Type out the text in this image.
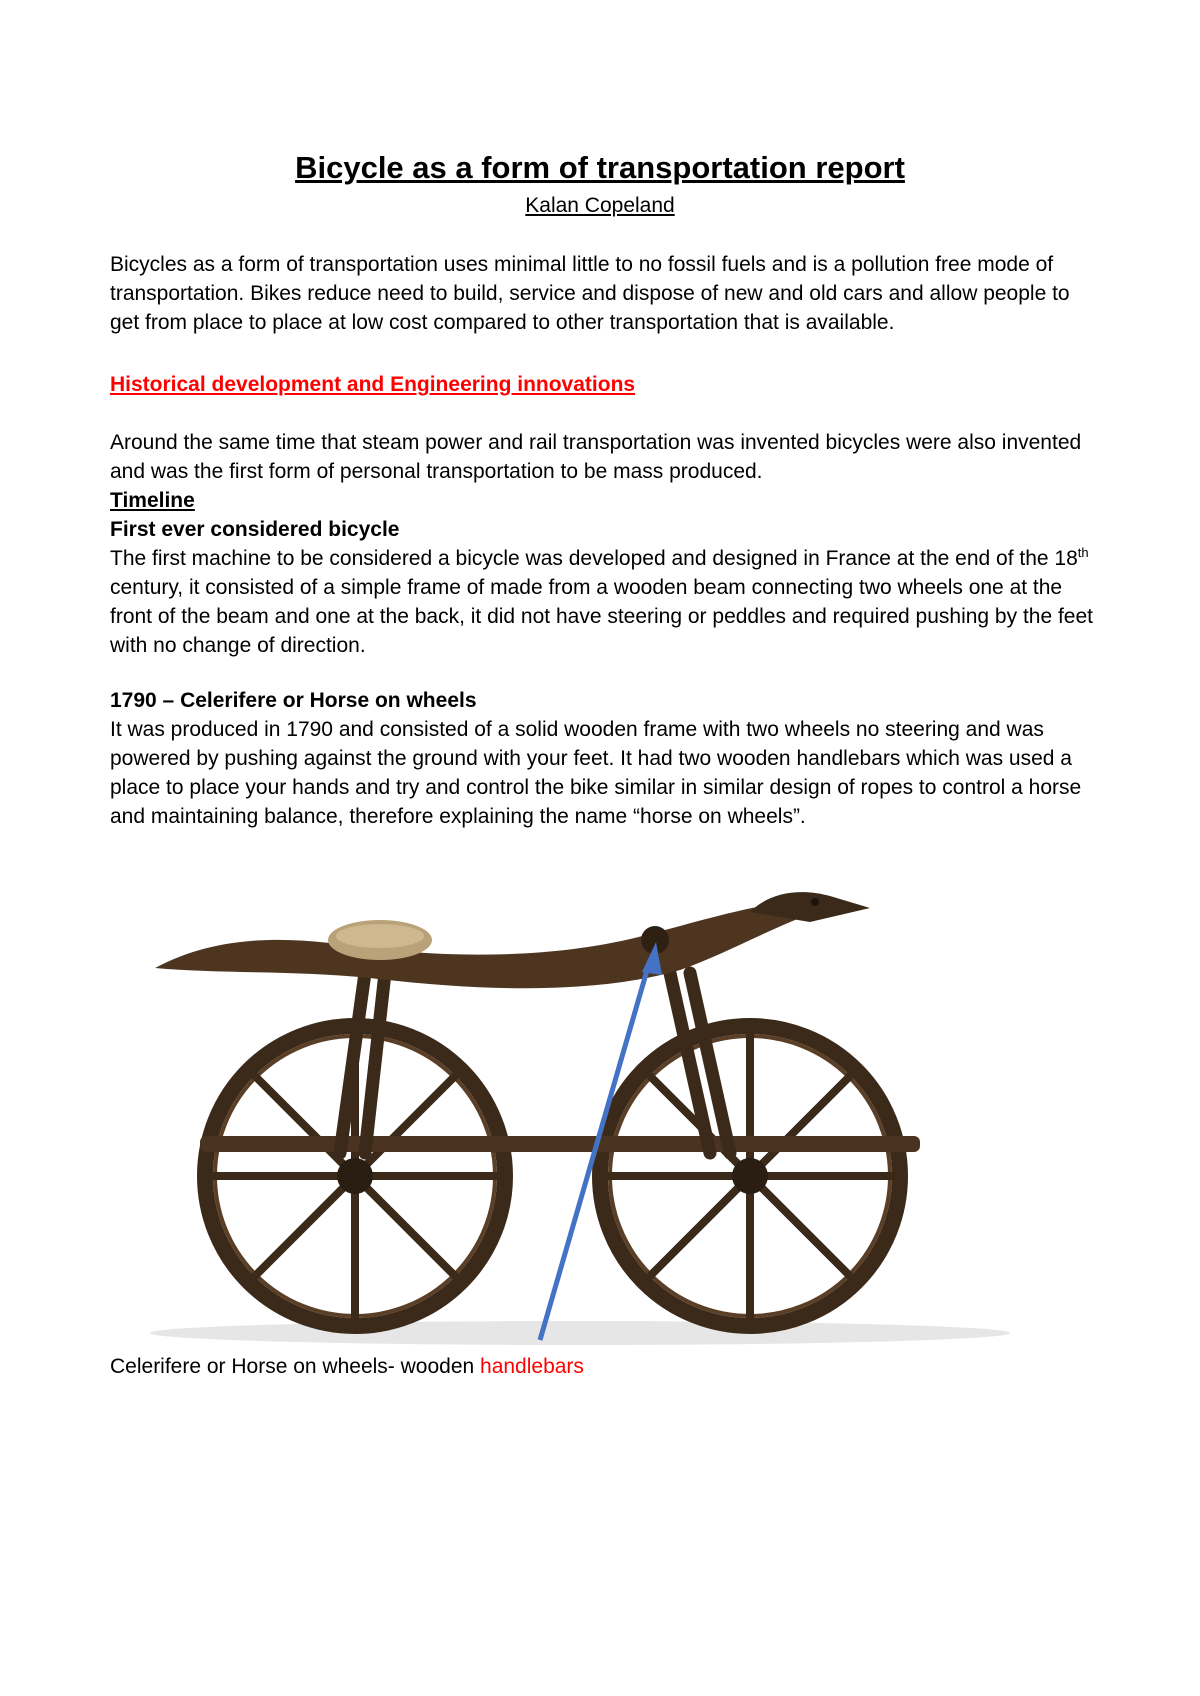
Bicycle as a form of transportation report
Kalan Copeland
Bicycles as a form of transportation uses minimal little to no fossil fuels and is a pollution free mode of transportation. Bikes reduce need to build, service and dispose of new and old cars and allow people to get from place to place at low cost compared to other transportation that is available.
Historical development and Engineering innovations
Around the same time that steam power and rail transportation was invented bicycles were also invented and was the first form of personal transportation to be mass produced.
Timeline
First ever considered bicycle
The first machine to be considered a bicycle was developed and designed in France at the end of the 18th century, it consisted of a simple frame of made from a wooden beam connecting two wheels one at the front of the beam and one at the back, it did not have steering or peddles and required pushing by the feet with no change of direction.
1790 – Celerifere or Horse on wheels
It was produced in 1790 and consisted of a solid wooden frame with two wheels no steering and was powered by pushing against the ground with your feet. It had two wooden handlebars which was used a place to place your hands and try and control the bike similar in similar design of ropes to control a horse and maintaining balance, therefore explaining the name “horse on wheels”.
Celerifere or Horse on wheels- wooden handlebars
